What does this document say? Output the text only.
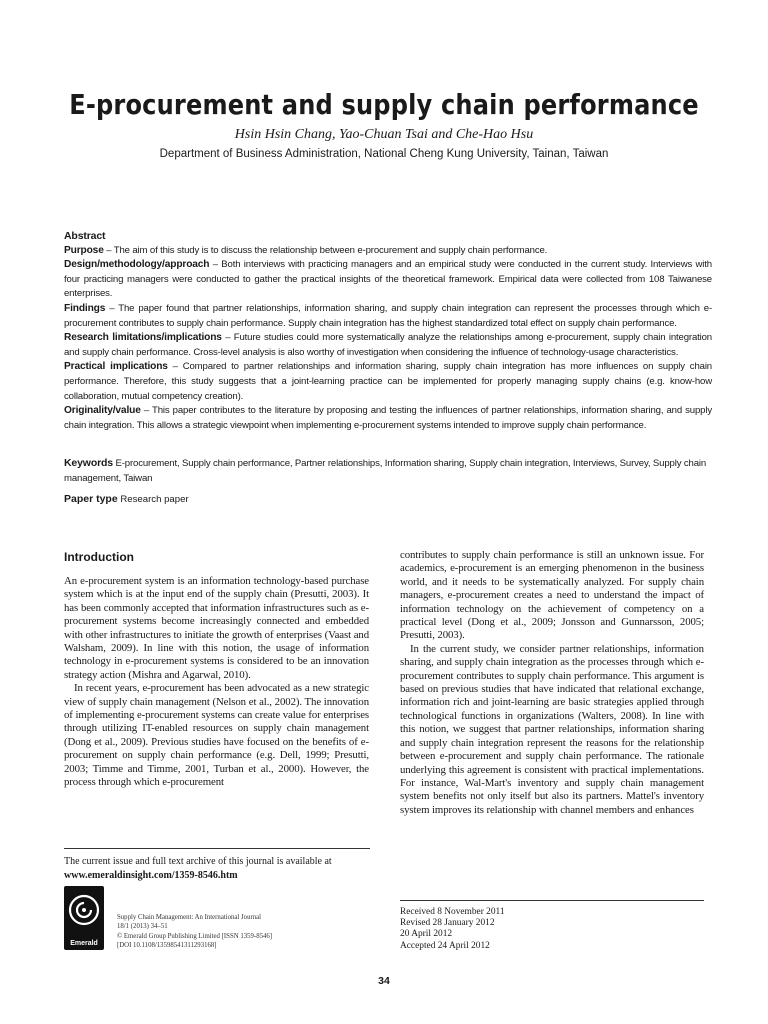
E-procurement and supply chain performance
Hsin Hsin Chang, Yao-Chuan Tsai and Che-Hao Hsu
Department of Business Administration, National Cheng Kung University, Tainan, Taiwan
Abstract

Purpose – The aim of this study is to discuss the relationship between e-procurement and supply chain performance.

Design/methodology/approach – Both interviews with practicing managers and an empirical study were conducted in the current study. Interviews with four practicing managers were conducted to gather the practical insights of the theoretical framework. Empirical data were collected from 108 Taiwanese enterprises.

Findings – The paper found that partner relationships, information sharing, and supply chain integration can represent the processes through which e-procurement contributes to supply chain performance. Supply chain integration has the highest standardized total effect on supply chain performance.

Research limitations/implications – Future studies could more systematically analyze the relationships among e-procurement, supply chain integration and supply chain performance. Cross-level analysis is also worthy of investigation when considering the influence of technology-usage characteristics.

Practical implications – Compared to partner relationships and information sharing, supply chain integration has more influences on supply chain performance. Therefore, this study suggests that a joint-learning practice can be implemented for properly managing supply chains (e.g. know-how collaboration, mutual competency creation).

Originality/value – This paper contributes to the literature by proposing and testing the influences of partner relationships, information sharing, and supply chain integration. This allows a strategic viewpoint when implementing e-procurement systems intended to improve supply chain performance.

Keywords E-procurement, Supply chain performance, Partner relationships, Information sharing, Supply chain integration, Interviews, Survey, Supply chain management, Taiwan
Paper type Research paper
Introduction

An e-procurement system is an information technology-based purchase system which is at the input end of the supply chain (Presutti, 2003). It has been commonly accepted that information infrastructures such as e-procurement systems become increasingly connected and embedded with other infrastructures to initiate the growth of enterprises (Vaast and Walsham, 2009). In line with this notion, the usage of information technology in e-procurement systems is considered to be an innovation strategy action (Mishra and Agarwal, 2010).

In recent years, e-procurement has been advocated as a new strategic view of supply chain management (Nelson et al., 2002). The innovation of implementing e-procurement systems can create value for enterprises through utilizing IT-enabled resources on supply chain management (Dong et al., 2009). Previous studies have focused on the benefits of e-procurement on supply chain performance (e.g. Dell, 1999; Presutti, 2003; Timme and Timme, 2001, Turban et al., 2000). However, the process through which e-procurement

contributes to supply chain performance is still an unknown issue. For academics, e-procurement is an emerging phenomenon in the business world, and it needs to be systematically analyzed. For supply chain managers, e-procurement creates a need to understand the impact of information technology on the achievement of competency on a practical level (Dong et al., 2009; Jonsson and Gunnarsson, 2005; Presutti, 2003).

In the current study, we consider partner relationships, information sharing, and supply chain integration as the processes through which e-procurement contributes to supply chain performance. This argument is based on previous studies that have indicated that relational exchange, information rich and joint-learning are basic strategies applied through technological functions in organizations (Walters, 2008). In line with this notion, we suggest that partner relationships, information sharing and supply chain integration represent the reasons for the relationship between e-procurement and supply chain performance. The rationale underlying this agreement is consistent with practical implementations. For instance, Wal-Mart's inventory and supply chain management system benefits not only itself but also its partners. Mattel's inventory system improves its relationship with channel members and enhances

The current issue and full text archive of this journal is available at
www.emeraldinsight.com/1359-8546.htm
Emerald
Supply Chain Management: An International Journal
18/1 (2013) 34–51
© Emerald Group Publishing Limited [ISSN 1359-8546]
[DOI 10.1108/13598541311293168]
Received 8 November 2011
Revised 28 January 2012
20 April 2012
Accepted 24 April 2012
34
